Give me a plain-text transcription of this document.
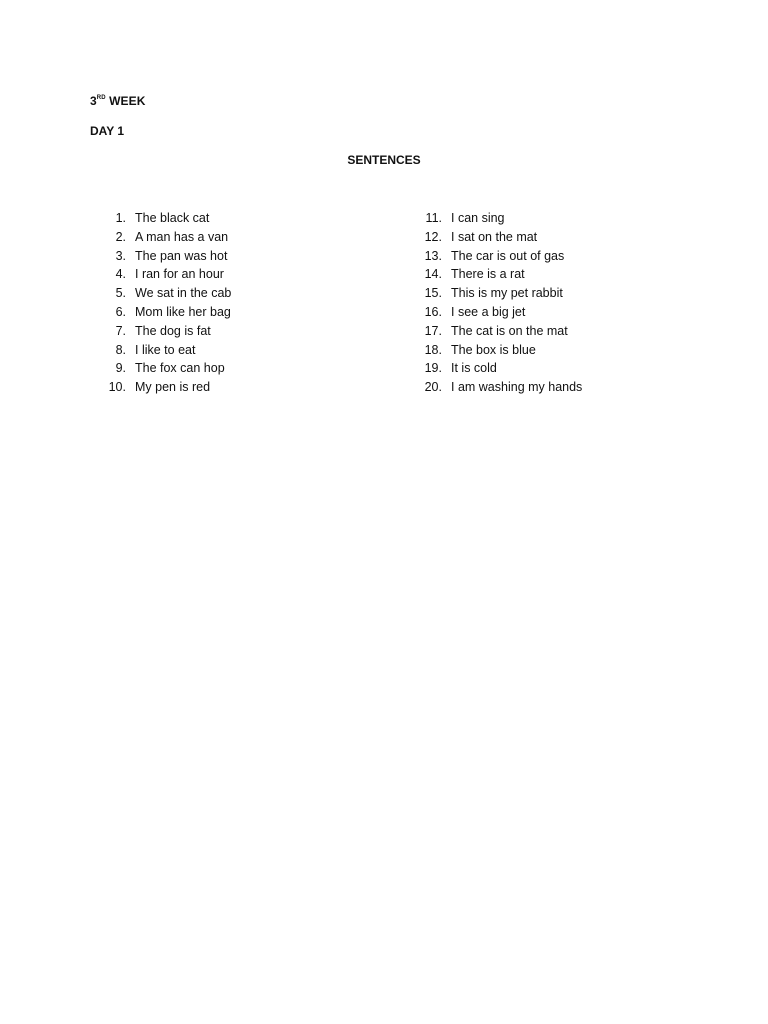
3RD WEEK
DAY 1
SENTENCES
1. The black cat
2. A man has a van
3. The pan was hot
4. I ran for an hour
5. We sat in the cab
6. Mom like her bag
7. The dog is fat
8. I like to eat
9. The fox can hop
10. My pen is red
11. I can sing
12. I sat on the mat
13. The car is out of gas
14. There is a rat
15. This is my pet rabbit
16. I see a big jet
17. The cat is on the mat
18. The box is blue
19. It is cold
20. I am washing my hands
